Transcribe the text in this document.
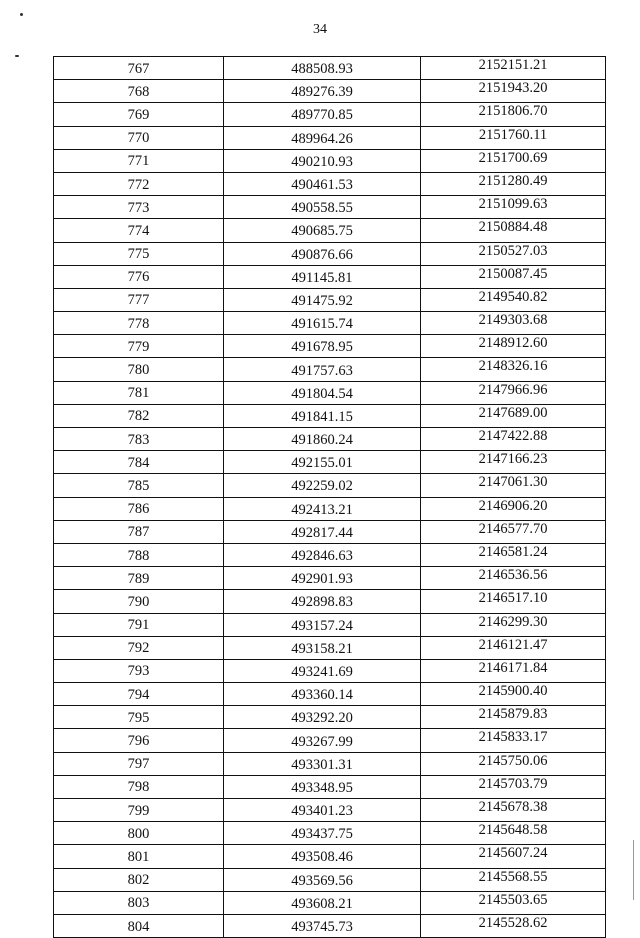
34
767	488508.93	2152151.21
768	489276.39	2151943.20
769	489770.85	2151806.70
770	489964.26	2151760.11
771	490210.93	2151700.69
772	490461.53	2151280.49
773	490558.55	2151099.63
774	490685.75	2150884.48
775	490876.66	2150527.03
776	491145.81	2150087.45
777	491475.92	2149540.82
778	491615.74	2149303.68
779	491678.95	2148912.60
780	491757.63	2148326.16
781	491804.54	2147966.96
782	491841.15	2147689.00
783	491860.24	2147422.88
784	492155.01	2147166.23
785	492259.02	2147061.30
786	492413.21	2146906.20
787	492817.44	2146577.70
788	492846.63	2146581.24
789	492901.93	2146536.56
790	492898.83	2146517.10
791	493157.24	2146299.30
792	493158.21	2146121.47
793	493241.69	2146171.84
794	493360.14	2145900.40
795	493292.20	2145879.83
796	493267.99	2145833.17
797	493301.31	2145750.06
798	493348.95	2145703.79
799	493401.23	2145678.38
800	493437.75	2145648.58
801	493508.46	2145607.24
802	493569.56	2145568.55
803	493608.21	2145503.65
804	493745.73	2145528.62
